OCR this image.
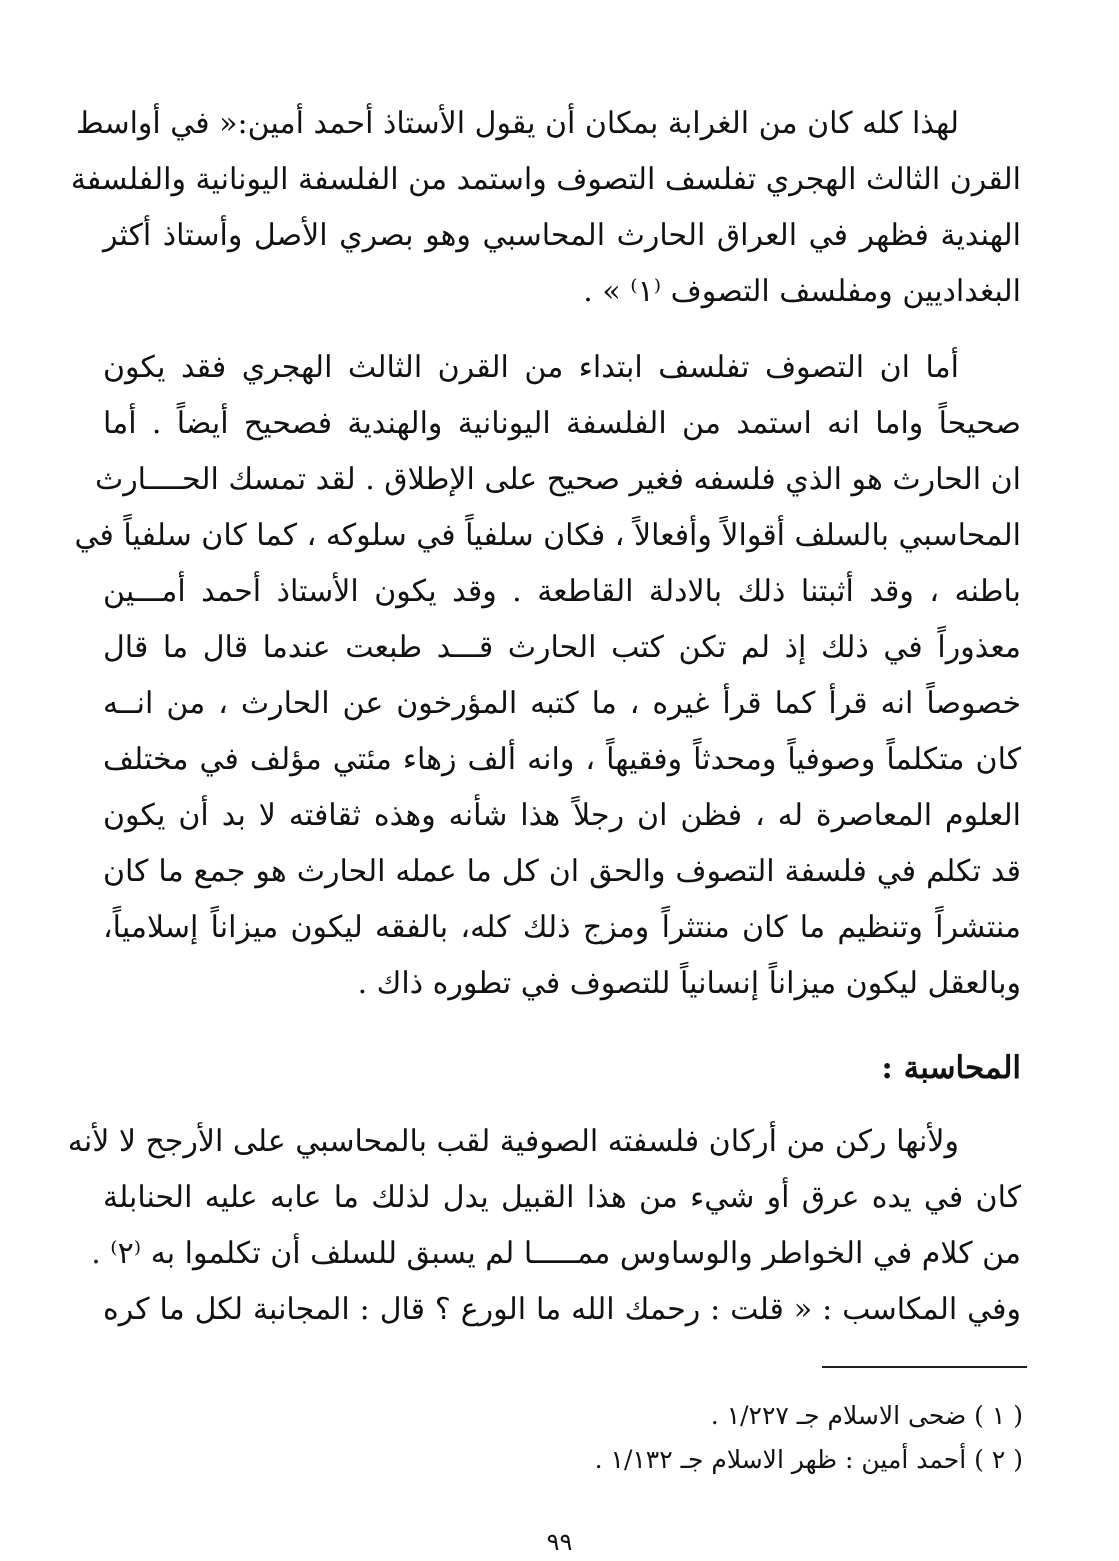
لهذا كله كان من الغرابة بمكان أن يقول الأستاذ أحمد أمين:« في أواسط
القرن الثالث الهجري تفلسف التصوف واستمد من الفلسفة اليونانية والفلسفة
الهندية فظهر في العراق الحارث المحاسبي وهو بصري الأصل وأستاذ أكثر
البغداديين ومفلسف التصوف ⁽١⁾ » .
أما ان التصوف تفلسف ابتداء من القرن الثالث الهجري فقد يكون
صحيحاً واما انه استمد من الفلسفة اليونانية والهندية فصحيح أيضاً . أما
ان الحارث هو الذي فلسفه فغير صحيح على الإطلاق . لقد تمسك الحــــارث
المحاسبي بالسلف أقوالاً وأفعالاً ، فكان سلفياً في سلوكه ، كما كان سلفياً في
باطنه ، وقد أثبتنا ذلك بالادلة القاطعة . وقد يكون الأستاذ أحمد أمـــين
معذوراً في ذلك إذ لم تكن كتب الحارث قـــد طبعت عندما قال ما قال
خصوصاً انه قرأ كما قرأ غيره ، ما كتبه المؤرخون عن الحارث ، من انــه
كان متكلماً وصوفياً ومحدثاً وفقيهاً ، وانه ألف زهاء مئتي مؤلف في مختلف
العلوم المعاصرة له ، فظن ان رجلاً هذا شأنه وهذه ثقافته لا بد أن يكون
قد تكلم في فلسفة التصوف والحق ان كل ما عمله الحارث هو جمع ما كان
منتشراً وتنظيم ما كان منتثراً ومزج ذلك كله، بالفقه ليكون ميزاناً إسلامياً،
وبالعقل ليكون ميزاناً إنسانياً للتصوف في تطوره ذاك .
المحاسبة :
ولأنها ركن من أركان فلسفته الصوفية لقب بالمحاسبي على الأرجح لا لأنه
كان في يده عرق أو شيء من هذا القبيل يدل لذلك ما عابه عليه الحنابلة
من كلام في الخواطر والوساوس ممـــــا لم يسبق للسلف أن تكلموا به ⁽٢⁾ .
وفي المكاسب : « قلت : رحمك الله ما الورع ؟ قال : المجانبة لكل ما كره
( ١ ) ضحى الاسلام جـ ١/٢٢٧ .
( ٢ ) أحمد أمين : ظهر الاسلام جـ ١/١٣٢ .
٩٩
